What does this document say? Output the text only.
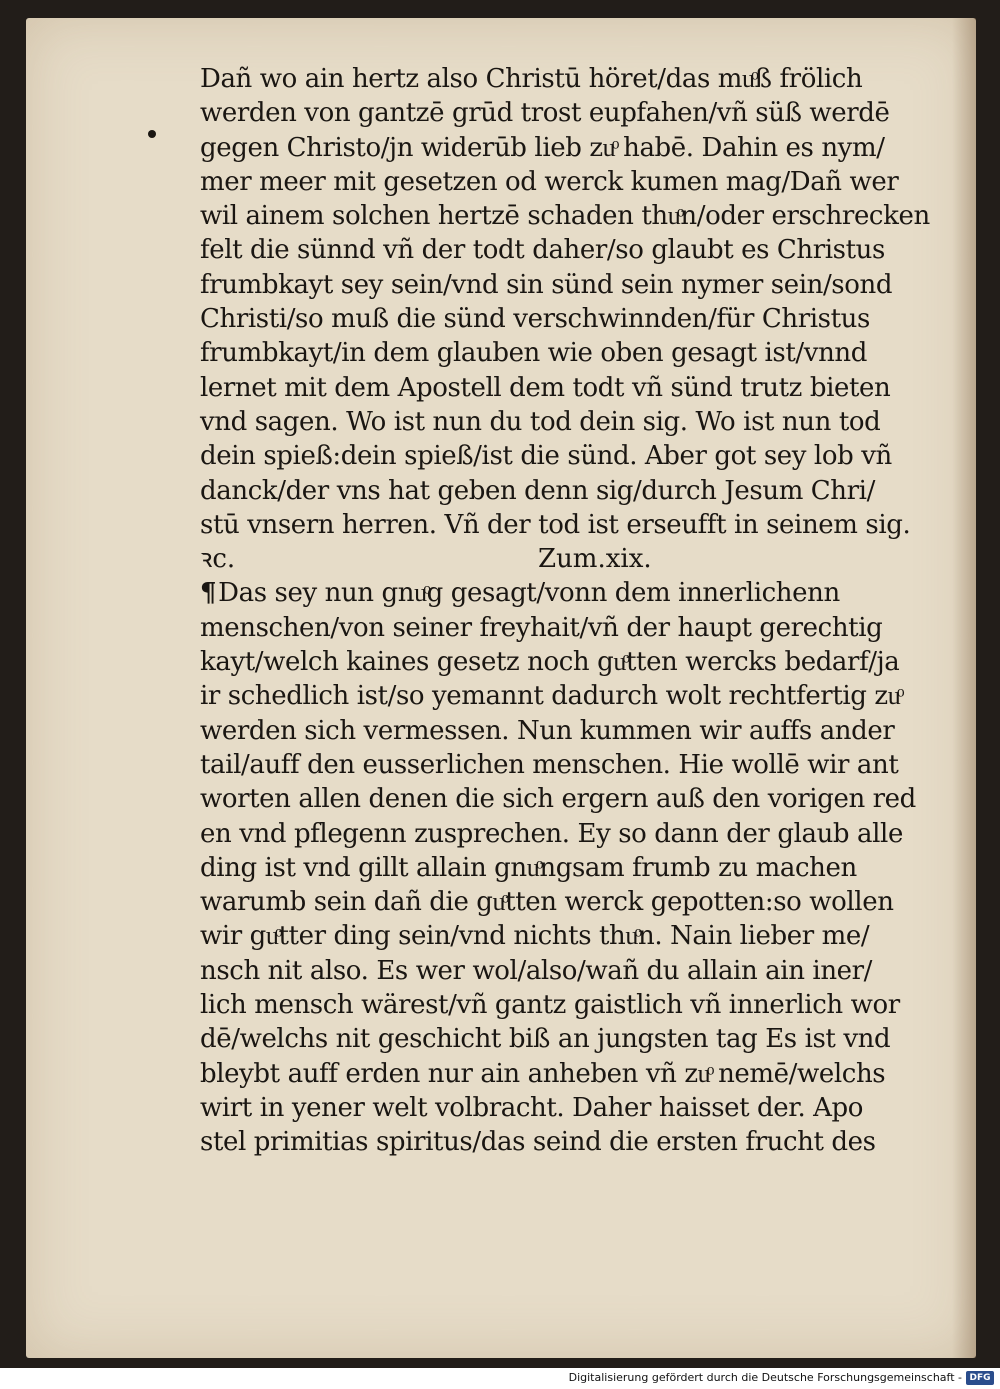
Dañ wo ain hertz also Christū höret/das muͦß frölich
werden von gantzē grūd trost eupfahen/vñ süß werdē
gegen Christo/jn widerūb lieb zuͦ habē. Dahin es nym/
mer meer mit gesetzen od werck kumen mag/Dañ wer
wil ainem solchen hertzē schaden thuͦn/oder erschrecken
felt die sünnd vñ der todt daher/so glaubt es Christus
frumbkayt sey sein/vnd sin sünd sein nymer sein/sond
Christi/so muß die sünd verschwinnden/für Christus
frumbkayt/in dem glauben wie oben gesagt ist/vnnd
lernet mit dem Apostell dem todt vñ sünd trutz bieten
vnd sagen. Wo ist nun du tod dein sig. Wo ist nun tod
dein spieß:dein spieß/ist die sünd. Aber got sey lob vñ
danck/der vns hat geben denn sig/durch Jesum Chri/
stū vnsern herren. Vñ der tod ist erseufft in seinem sig.
ꝛc.	Zum.xix.
¶Das sey nun gnuͦg gesagt/vonn dem innerlichenn
menschen/von seiner freyhait/vñ der haupt gerechtig
kayt/welch kaines gesetz noch guͦtten wercks bedarf/ja
ir schedlich ist/so yemannt dadurch wolt rechtfertig zuͦ
werden sich vermessen. Nun kummen wir auffs ander
tail/auff den eusserlichen menschen. Hie wollē wir ant
worten allen denen die sich ergern auß den vorigen red
en vnd pflegenn zusprechen. Ey so dann der glaub alle
ding ist vnd gillt allain gnuͦngsam frumb zu machen
warumb sein dañ die guͦtten werck gepotten:so wollen
wir guͦtter ding sein/vnd nichts thuͦn. Nain lieber me/
nsch nit also. Es wer wol/also/wañ du allain ain iner/
lich mensch wärest/vñ gantz gaistlich vñ innerlich wor
dē/welchs nit geschicht biß an jungsten tag Es ist vnd
bleybt auff erden nur ain anheben vñ zuͦ nemē/welchs
wirt in yener welt volbracht. Daher haisset der. Apo
stel primitias spiritus/das seind die ersten frucht des
Digitalisierung gefördert durch die Deutsche Forschungsgemeinschaft - DFG
